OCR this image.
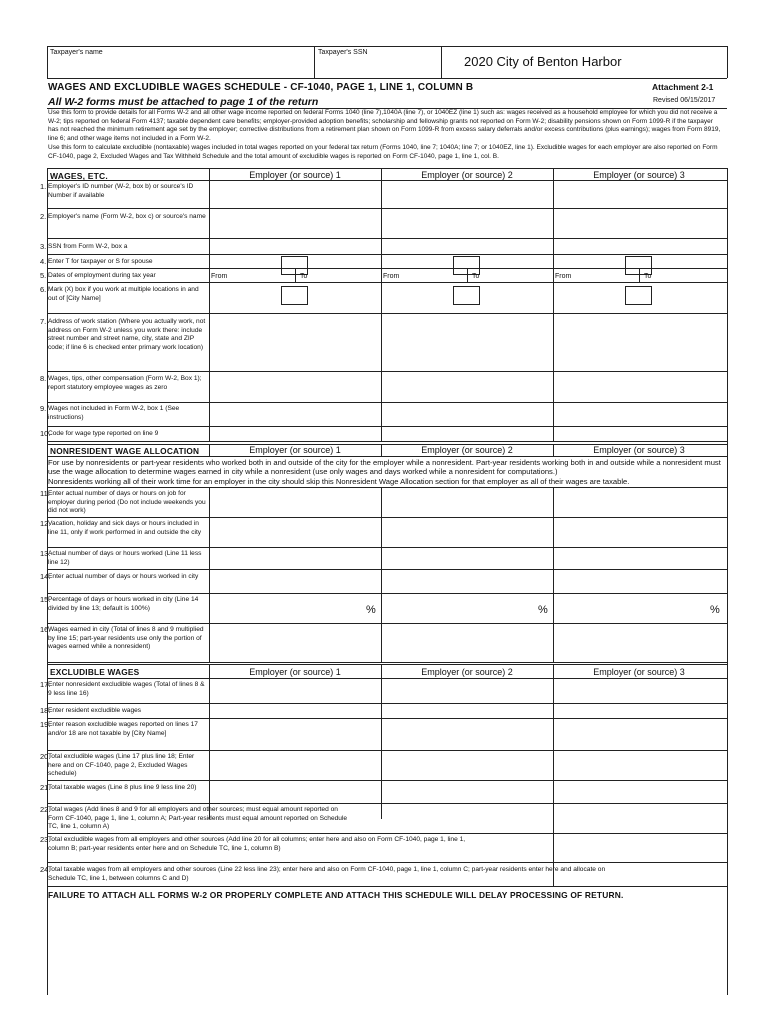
Taxpayer's name	Taxpayer's SSN
2020 City of Benton Harbor
WAGES AND EXCLUDIBLE WAGES SCHEDULE - CF-1040, PAGE 1, LINE 1, COLUMN B	Attachment 2-1
All W-2 forms must be attached to page 1 of the return	Revised 06/15/2017
Use this form to provide details for all Forms W-2 and all other wage income reported on federal Forms 1040 (line 7),1040A (line 7), or 1040EZ (line 1) such as: wages received as a household employee for which you did not receive a W-2; tips reported on federal Form 4137; taxable dependent care benefits; employer-provided adoption benefits; scholarship and fellowship grants not reported on Form W-2; disability pensions shown on Form 1099-R if the taxpayer has not reached the minimum retirement age set by the employer; corrective distributions from a retirement plan shown on Form 1099-R from excess salary deferrals and/or excess contributions (plus earnings); wages from Form 8919, line 6; and other wage items not included in a Form W-2.
Use this form to calculate excludible (nontaxable) wages included in total wages reported on your federal tax return (Forms 1040, line 7; 1040A; line 7; or 1040EZ, line 1). Excludible wages for each employer are also reported on Form CF-1040, page 2, Excluded Wages and Tax Withheld Schedule and the total amount of excludible wages is reported on Form CF-1040, page 1, line 1, col. B.
WAGES, ETC.	Employer (or source) 1	Employer (or source) 2	Employer (or source) 3
1. Employer's ID number (W-2, box b) or source's ID Number if available
2. Employer's name (Form W-2, box c) or source's name
3. SSN from Form W-2, box a
4. Enter T for taxpayer or S for spouse
5. Dates of employment during tax year	From	To	From	To	From	To
6. Mark (X) box if you work at multiple locations in and out of [City Name]
7. Address of work station (Where you actually work, not address on Form W-2 unless you work there: include street number and street name, city, state and ZIP code; if line 6 is checked enter primary work location)
8. Wages, tips, other compensation (Form W-2, Box 1); report statutory employee wages as zero
9. Wages not included in Form W-2, box 1 (See instructions)
10.
Code for wage type reported on line 9
NONRESIDENT WAGE ALLOCATION	Employer (or source) 1	Employer (or source) 2	Employer (or source) 3
For use by nonresidents or part-year residents who worked both in and outside of the city for the employer while a nonresident. Part-year residents working both in and outside while a nonresident must use the wage allocation to determine wages earned in city while a nonresident (use only wages and days worked while a nonresident for computations.)
Nonresidents working all of their work time for an employer in the city should skip this Nonresident Wage Allocation section for that employer as all of their wages are taxable.
11.
Enter actual number of days or hours on job for employer during period (Do not include weekends you did not work)
12.
Vacation, holiday and sick days or hours included in line 11, only if work performed in and outside the city
13.
Actual number of days or hours worked (Line 11 less line 12)
14.
Enter actual number of days or hours worked in city
15.
Percentage of days or hours worked in city (Line 14 divided by line 13; default is 100%)	%	%	%
16.
Wages earned in city (Total of lines 8 and 9 multiplied by line 15; part-year residents use only the portion of wages earned while a nonresident)
EXCLUDIBLE WAGES	Employer (or source) 1	Employer (or source) 2	Employer (or source) 3
17.
Enter nonresident excludible wages (Total of lines 8 & 9 less line 16)
18.
Enter resident excludible wages
19.
Enter reason excludible wages reported on lines 17 and/or 18 are not taxable by [City Name]
20.
Total excludible wages (Line 17 plus line 18; Enter here and on CF-1040, page 2, Excluded Wages schedule)
21.
Total taxable wages (Line 8 plus line 9 less line 20)
22.
Total wages (Add lines 8 and 9 for all employers and other sources; must equal amount reported on Form CF-1040, page 1, line 1, column A; Part-year residents must equal amount reported on Schedule TC, line 1, column A)
23.
Total excludible wages from all employers and other sources (Add line 20 for all columns; enter here and also on Form CF-1040, page 1, line 1, column B; part-year residents enter here and on Schedule TC, line 1, column B)
24.
Total taxable wages from all employers and other sources (Line 22 less line 23); enter here and also on Form CF-1040, page 1, line 1, column C; part-year residents enter here and allocate on Schedule TC, line 1, between columns C and D)
FAILURE TO ATTACH ALL FORMS W-2 OR PROPERLY COMPLETE AND ATTACH THIS SCHEDULE WILL DELAY PROCESSING OF RETURN.
